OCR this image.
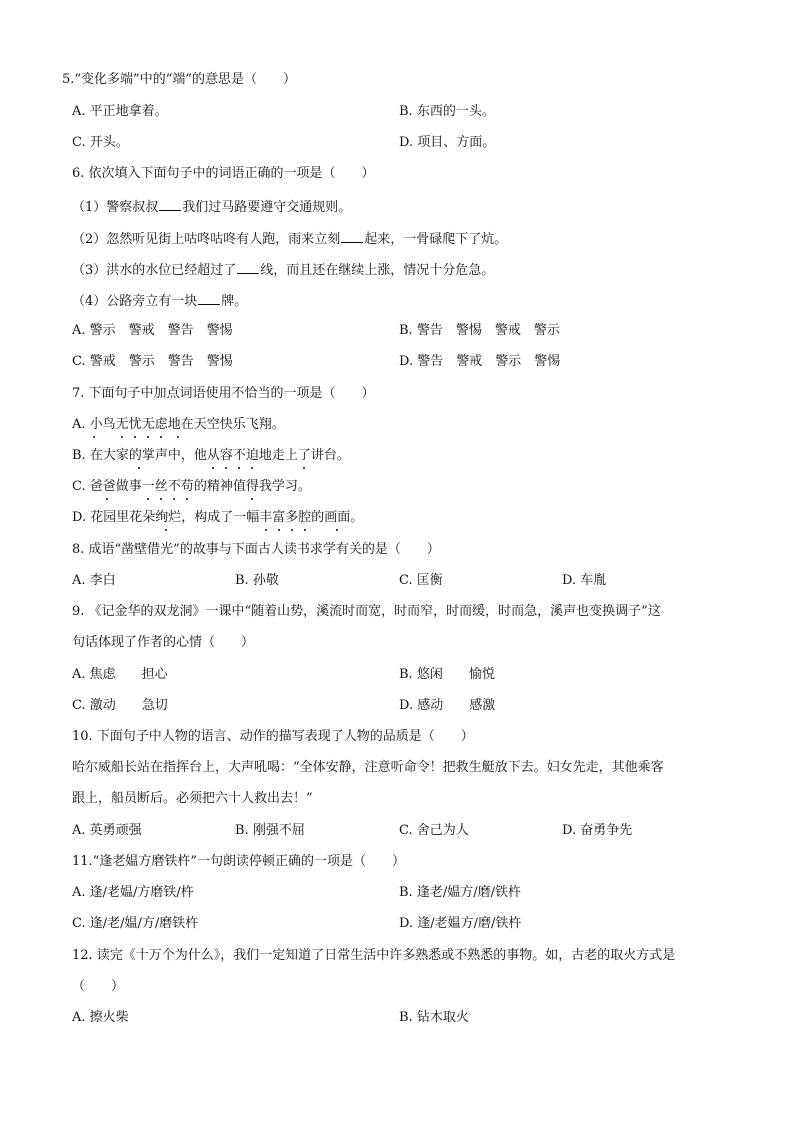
5.“变化多端”中的“端”的意思是（　　）
A. 平正地拿着。	B. 东西的一头。
C. 开头。	D. 项目、方面。
6. 依次填入下面句子中的词语正确的一项是（　　）
（1）警察叔叔 我们过马路要遵守交通规则。
（2）忽然听见街上咕咚咕咚有人跑，雨来立刻 起来，一骨碌爬下了炕。
（3）洪水的水位已经超过了 线，而且还在继续上涨，情况十分危急。
（4）公路旁立有一块 牌。
A. 警示　警戒　警告　警惕	B. 警告　警惕　警戒　警示
C. 警戒　警示　警告　警惕	D. 警告　警戒　警示　警惕
7. 下面句子中加点词语使用不恰当的一项是（　　）
A. 小鸟无忧无虑地在天空快乐飞翔。
B. 在大家的掌声中，他从容不迫地走上了讲台。
C. 爸爸做事一丝不苟的精神值得我学习。
D. 花园里花朵绚烂，构成了一幅丰富多腔的画面。
8. 成语“凿壁借光”的故事与下面古人读书求学有关的是（　　）
A. 李白	B. 孙敬	C. 匡衡	D. 车胤
9. 《记金华的双龙洞》一课中“随着山势，溪流时而宽，时而窄，时而缓，时而急，溪声也变换调子”这
句话体现了作者的心情（　　）
A. 焦虑　　担心	B. 悠闲　　愉悦
C. 激动　　急切	D. 感动　　感激
10. 下面句子中人物的语言、动作的描写表现了人物的品质是（　　）
哈尔威船长站在指挥台上，大声吼喝：“全体安静，注意听命令！把救生艇放下去。妇女先走，其他乘客
跟上，船员断后。必须把六十人救出去！”
A. 英勇顽强	B. 刚强不屈	C. 舍己为人	D. 奋勇争先
11.“逢老媪方磨铁杵”一句朗读停顿正确的一项是（　　）
A. 逢/老媪/方磨铁/杵	B. 逢老/媪方/磨/铁杵
C. 逢/老/媪/方/磨铁杵	D. 逢/老媪方/磨/铁杵
12. 读完《十万个为什么》，我们一定知道了日常生活中许多熟悉或不熟悉的事物。如，古老的取火方式是
（　　）
A. 擦火柴	B. 钻木取火
